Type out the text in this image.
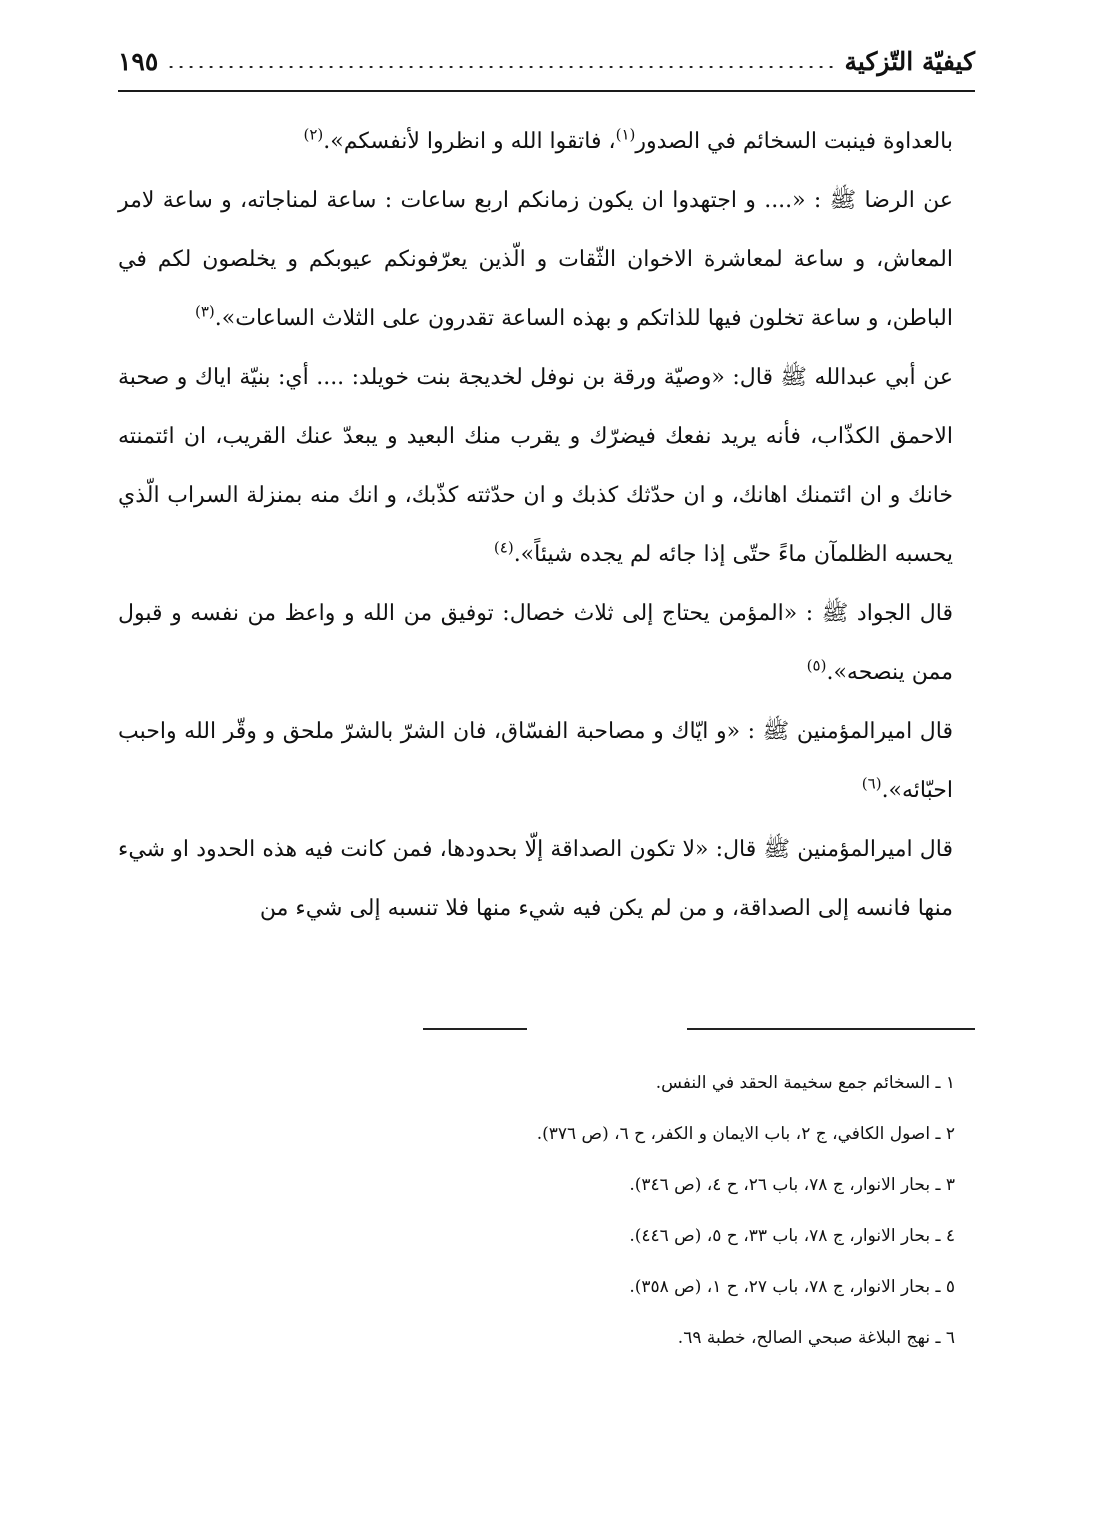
كيفيّة التّزكية
١٩٥

بالعداوة فينبت السخائم في الصدور$^{(١)}$، فاتقوا الله و انظروا لأنفسكم».$^{(٢)}$

عن الرضا ﷺ : «.... و اجتهدوا ان يكون زمانكم اربع ساعات : ساعة لمناجاته، و ساعة لامر المعاش، و ساعة لمعاشرة الاخوان الثّقات و الّذين يعرّفونكم عيوبكم و يخلصون لكم في الباطن، و ساعة تخلون فيها للذاتكم و بهذه الساعة تقدرون على الثلاث الساعات».$^{(٣)}$

عن أبي عبدالله ﷺ قال: «وصيّة ورقة بن نوفل لخديجة بنت خويلد: .... أي: بنيّة اياك و صحبة الاحمق الكذّاب، فأنه يريد نفعك فيضرّك و يقرب منك البعيد و يبعدّ عنك القريب، ان ائتمنته خانك و ان ائتمنك اهانك، و ان حدّثك كذبك و ان حدّثته كذّبك، و انك منه بمنزلة السراب الّذي يحسبه الظلمآن ماءً حتّى إذا جائه لم يجده شيئاً».$^{(٤)}$

قال الجواد ﷺ : «المؤمن يحتاج إلى ثلاث خصال: توفيق من الله و واعظ من نفسه و قبول ممن ينصحه».$^{(٥)}$

قال اميرالمؤمنين ﷺ : «و ايّاك و مصاحبة الفسّاق، فان الشرّ بالشرّ ملحق و وقّر الله واحبب احبّائه».$^{(٦)}$

قال اميرالمؤمنين ﷺ قال: «لا تكون الصداقة إلّا بحدودها، فمن كانت فيه هذه الحدود او شيء منها فانسه إلى الصداقة، و من لم يكن فيه شيء منها فلا تنسبه إلى شيء من

١ ـ السخائم جمع سخيمة الحقد في النفس.
٢ ـ اصول الكافي، ج ٢، باب الايمان و الكفر، ح ٦، (ص ٣٧٦).
٣ ـ بحار الانوار، ج ٧٨، باب ٢٦، ح ٤، (ص ٣٤٦).
٤ ـ بحار الانوار، ج ٧٨، باب ٣٣، ح ٥، (ص ٤٤٦).
٥ ـ بحار الانوار، ج ٧٨، باب ٢٧، ح ١، (ص ٣٥٨).
٦ ـ نهج البلاغة صبحي الصالح، خطبة ٦٩.
